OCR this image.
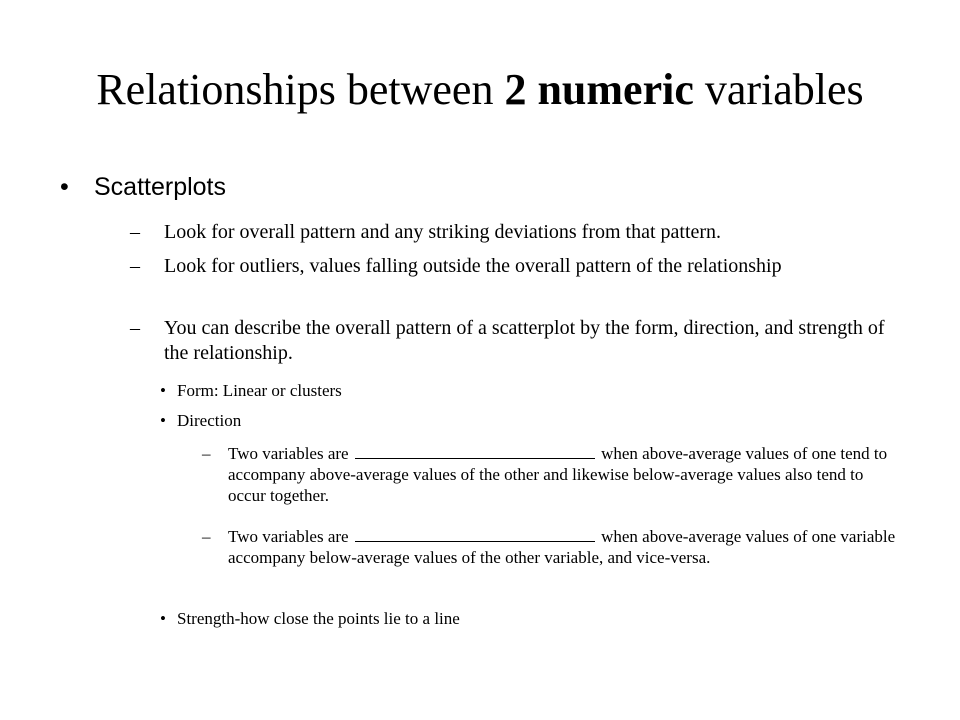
Relationships between 2 numeric variables
• Scatterplots
– Look for overall pattern and any striking deviations from that pattern.
– Look for outliers, values falling outside the overall pattern of the relationship
– You can describe the overall pattern of a scatterplot by the form, direction, and strength of the relationship.
• Form: Linear or clusters
• Direction
– Two variables are	when above-average values of one tend to accompany above-average values of the other and likewise below-average values also tend to occur together.
– Two variables are	when above-average values of one variable accompany below-average values of the other variable, and vice-versa.
• Strength-how close the points lie to a line
